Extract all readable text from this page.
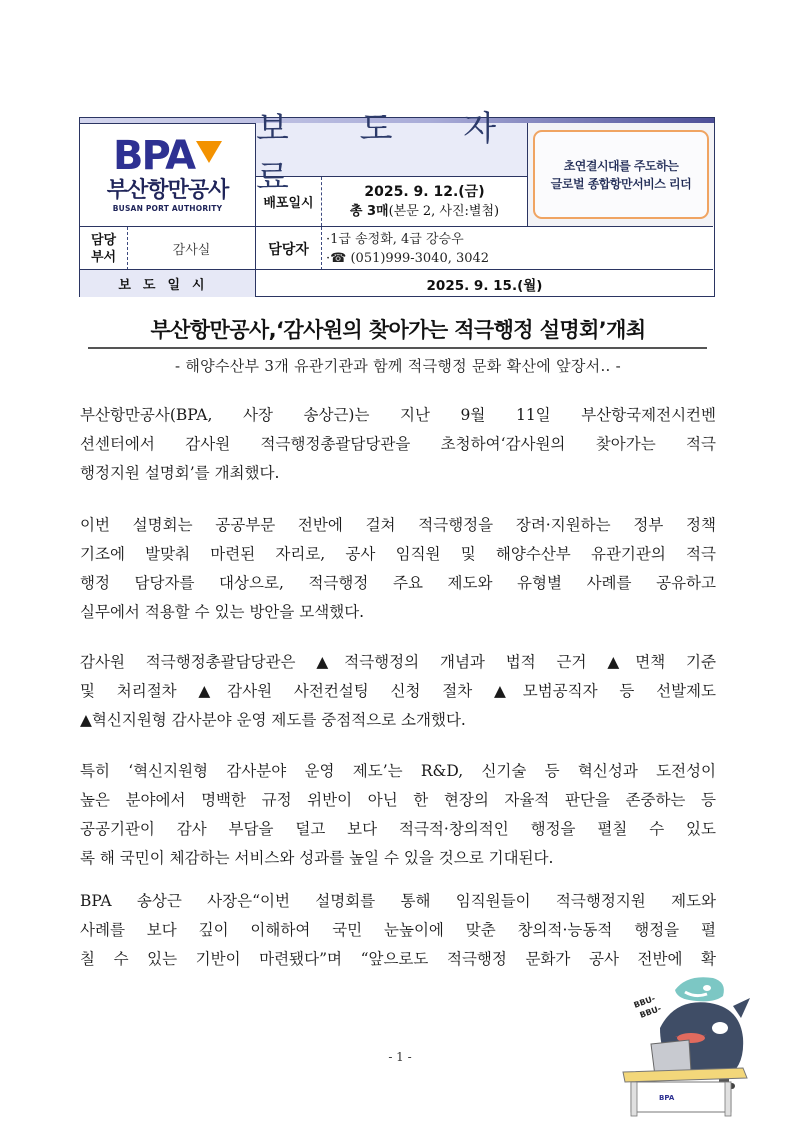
BPA
부산항만공사
BUSAN PORT AUTHORITY
보 도 자 료
배포일시
2025. 9. 12.(금)
총 3매(본문 2, 사진:별첨)
초연결시대를 주도하는
글로벌 종합항만서비스 리더
담당
부서	감사실	담당자
·1급 송정화, 4급 강승우
·☎ (051)999-3040, 3042
보도일시	2025. 9. 15.(월)
부산항만공사,‘감사원의 찾아가는 적극행정 설명회’개최
- 해양수산부 3개 유관기관과 함께 적극행정 문화 확산에 앞장서.. -
부산항만공사(BPA, 사장 송상근)는 지난 9월 11일 부산항국제전시컨벤
션센터에서 감사원 적극행정총괄담당관을 초청하여‘감사원의 찾아가는 적극
행정지원 설명회’를 개최했다.
이번 설명회는 공공부문 전반에 걸쳐 적극행정을 장려·지원하는 정부 정책
기조에 발맞춰 마련된 자리로, 공사 임직원 및 해양수산부 유관기관의 적극
행정 담당자를 대상으로, 적극행정 주요 제도와 유형별 사례를 공유하고
실무에서 적용할 수 있는 방안을 모색했다.
감사원 적극행정총괄담당관은 ▲적극행정의 개념과 법적 근거 ▲면책 기준
및 처리절차 ▲감사원 사전컨설팅 신청 절차 ▲모범공직자 등 선발제도
▲혁신지원형 감사분야 운영 제도를 중점적으로 소개했다.
특히 ‘혁신지원형 감사분야 운영 제도’는 R&D, 신기술 등 혁신성과 도전성이
높은 분야에서 명백한 규정 위반이 아닌 한 현장의 자율적 판단을 존중하는 등
공공기관이 감사 부담을 덜고 보다 적극적·창의적인 행정을 펼칠 수 있도
록 해 국민이 체감하는 서비스와 성과를 높일 수 있을 것으로 기대된다.
BPA 송상근 사장은“이번 설명회를 통해 임직원들이 적극행정지원 제도와
사례를 보다 깊이 이해하여 국민 눈높이에 맞춘 창의적·능동적 행정을 펼
칠 수 있는 기반이 마련됐다”며 “앞으로도 적극행정 문화가 공사 전반에 확
- 1 -
BBU-
BBU-
BPA
